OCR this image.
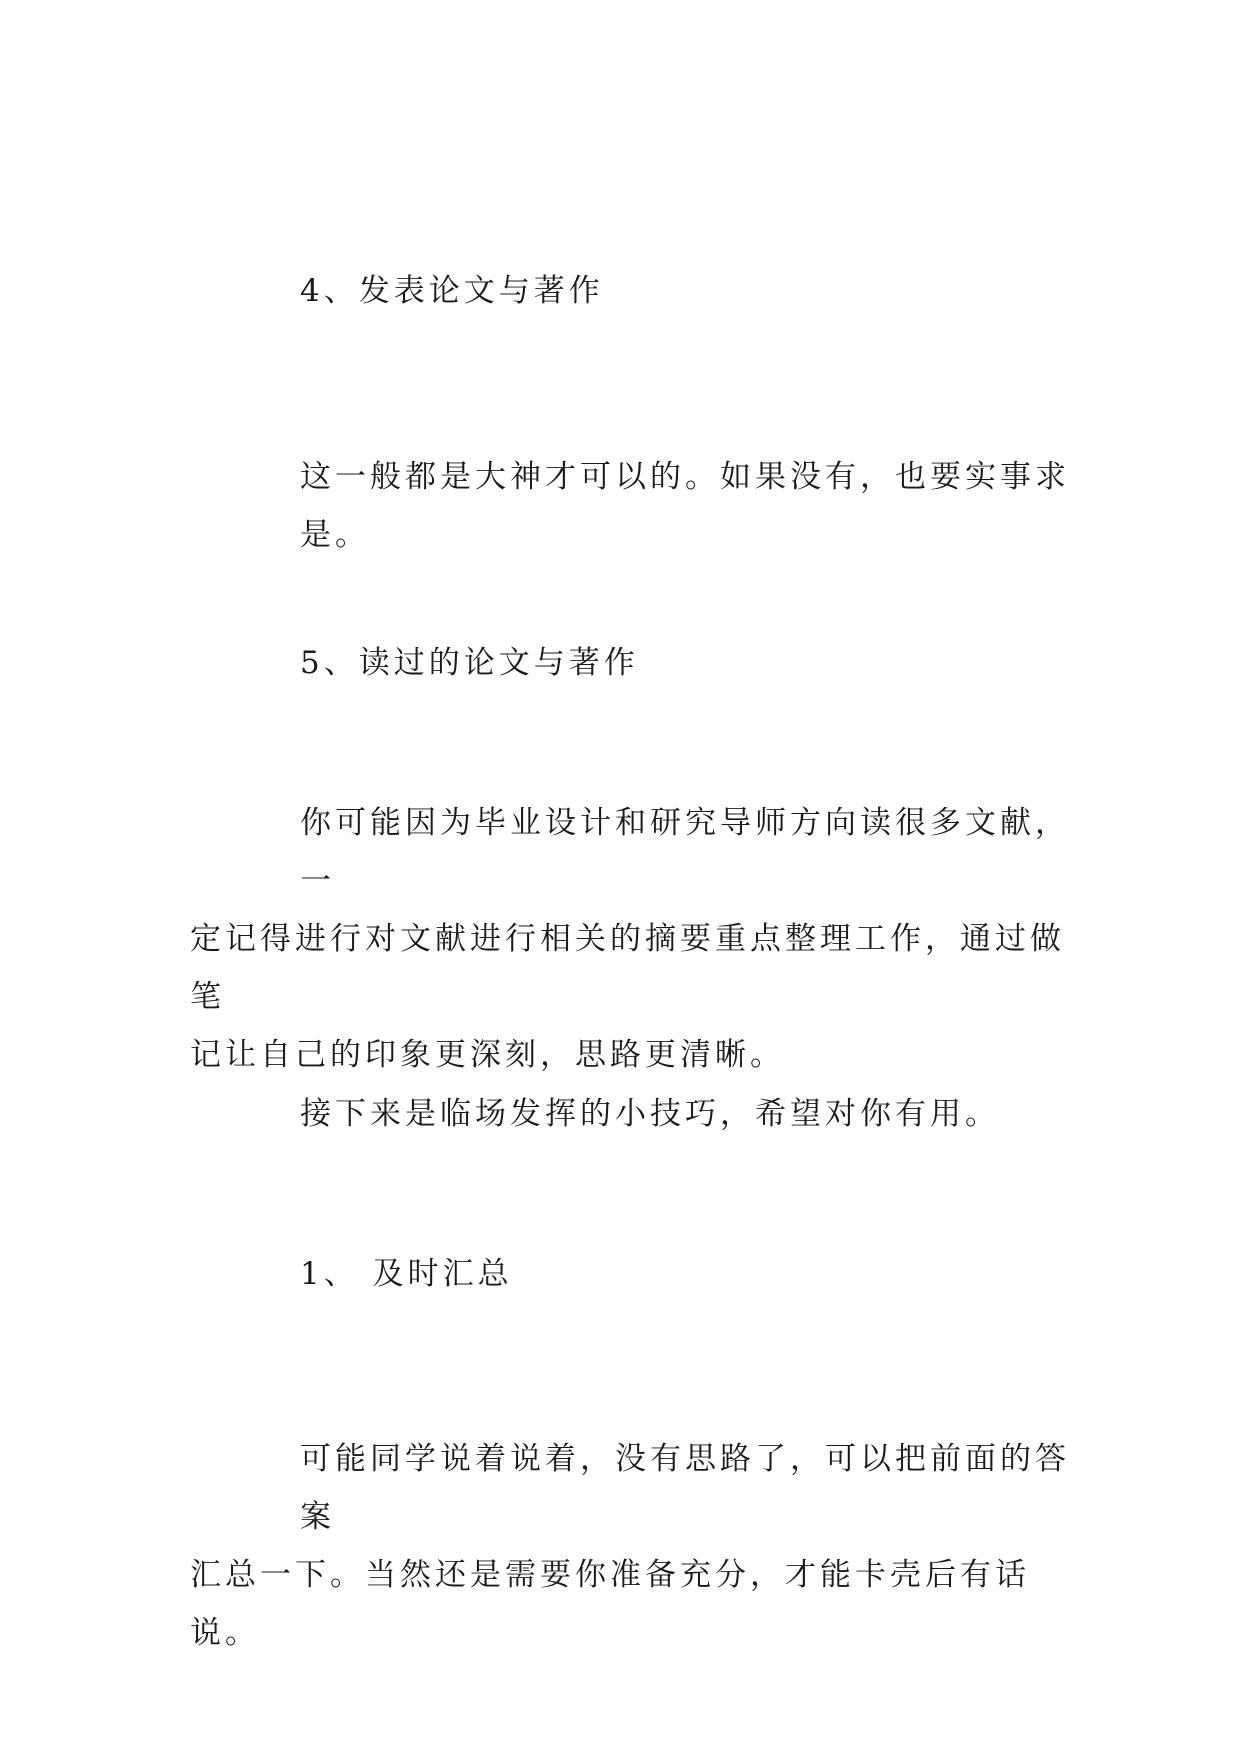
4、发表论文与著作

这一般都是大神才可以的。如果没有，也要实事求是。

5、读过的论文与著作

你可能因为毕业设计和研究导师方向读很多文献，一
定记得进行对文献进行相关的摘要重点整理工作，通过做笔
记让自己的印象更深刻，思路更清晰。

接下来是临场发挥的小技巧，希望对你有用。

1、 及时汇总

可能同学说着说着，没有思路了，可以把前面的答案
汇总一下。当然还是需要你准备充分，才能卡壳后有话说。
